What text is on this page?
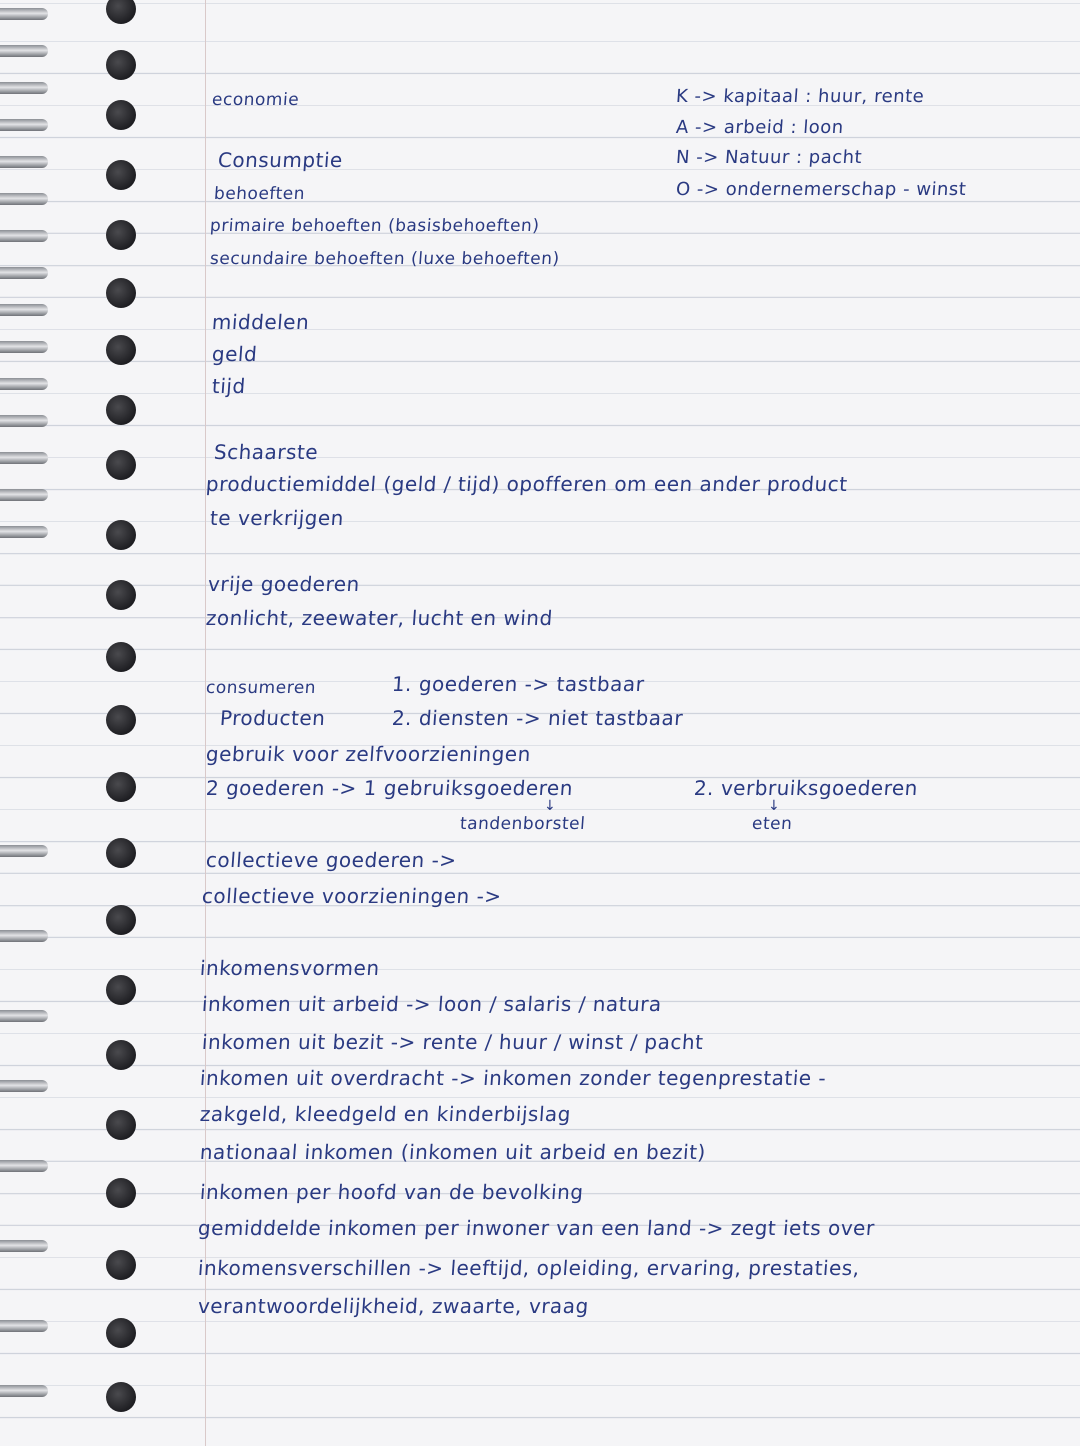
economie	K -> kapitaal : huur, rente

A -> arbeid : loon

N -> Natuur : pacht

O -> ondernemerschap - winst

Consumptie

behoeften

primaire behoeften (basisbehoeften)

secundaire behoeften (luxe behoeften)

middelen

geld

tijd

Schaarste

productiemiddel (geld / tijd) opofferen om een ander product

te verkrijgen

vrije goederen

zonlicht, zeewater, lucht en wind

consumeren	1. goederen -> tastbaar

Producten	2. diensten -> niet tastbaar

gebruik voor zelfvoorzieningen

2 goederen -> 1 gebruiksgoederen	2. verbruiksgoederen

↓	↓

tandenborstel	eten

collectieve goederen ->

collectieve voorzieningen ->

inkomensvormen

inkomen uit arbeid -> loon / salaris / natura

inkomen uit bezit -> rente / huur / winst / pacht

inkomen uit overdracht -> inkomen zonder tegenprestatie -

zakgeld, kleedgeld en kinderbijslag

nationaal inkomen (inkomen uit arbeid en bezit)

inkomen per hoofd van de bevolking

gemiddelde inkomen per inwoner van een land -> zegt iets over

inkomensverschillen -> leeftijd, opleiding, ervaring, prestaties,

verantwoordelijkheid, zwaarte, vraag
